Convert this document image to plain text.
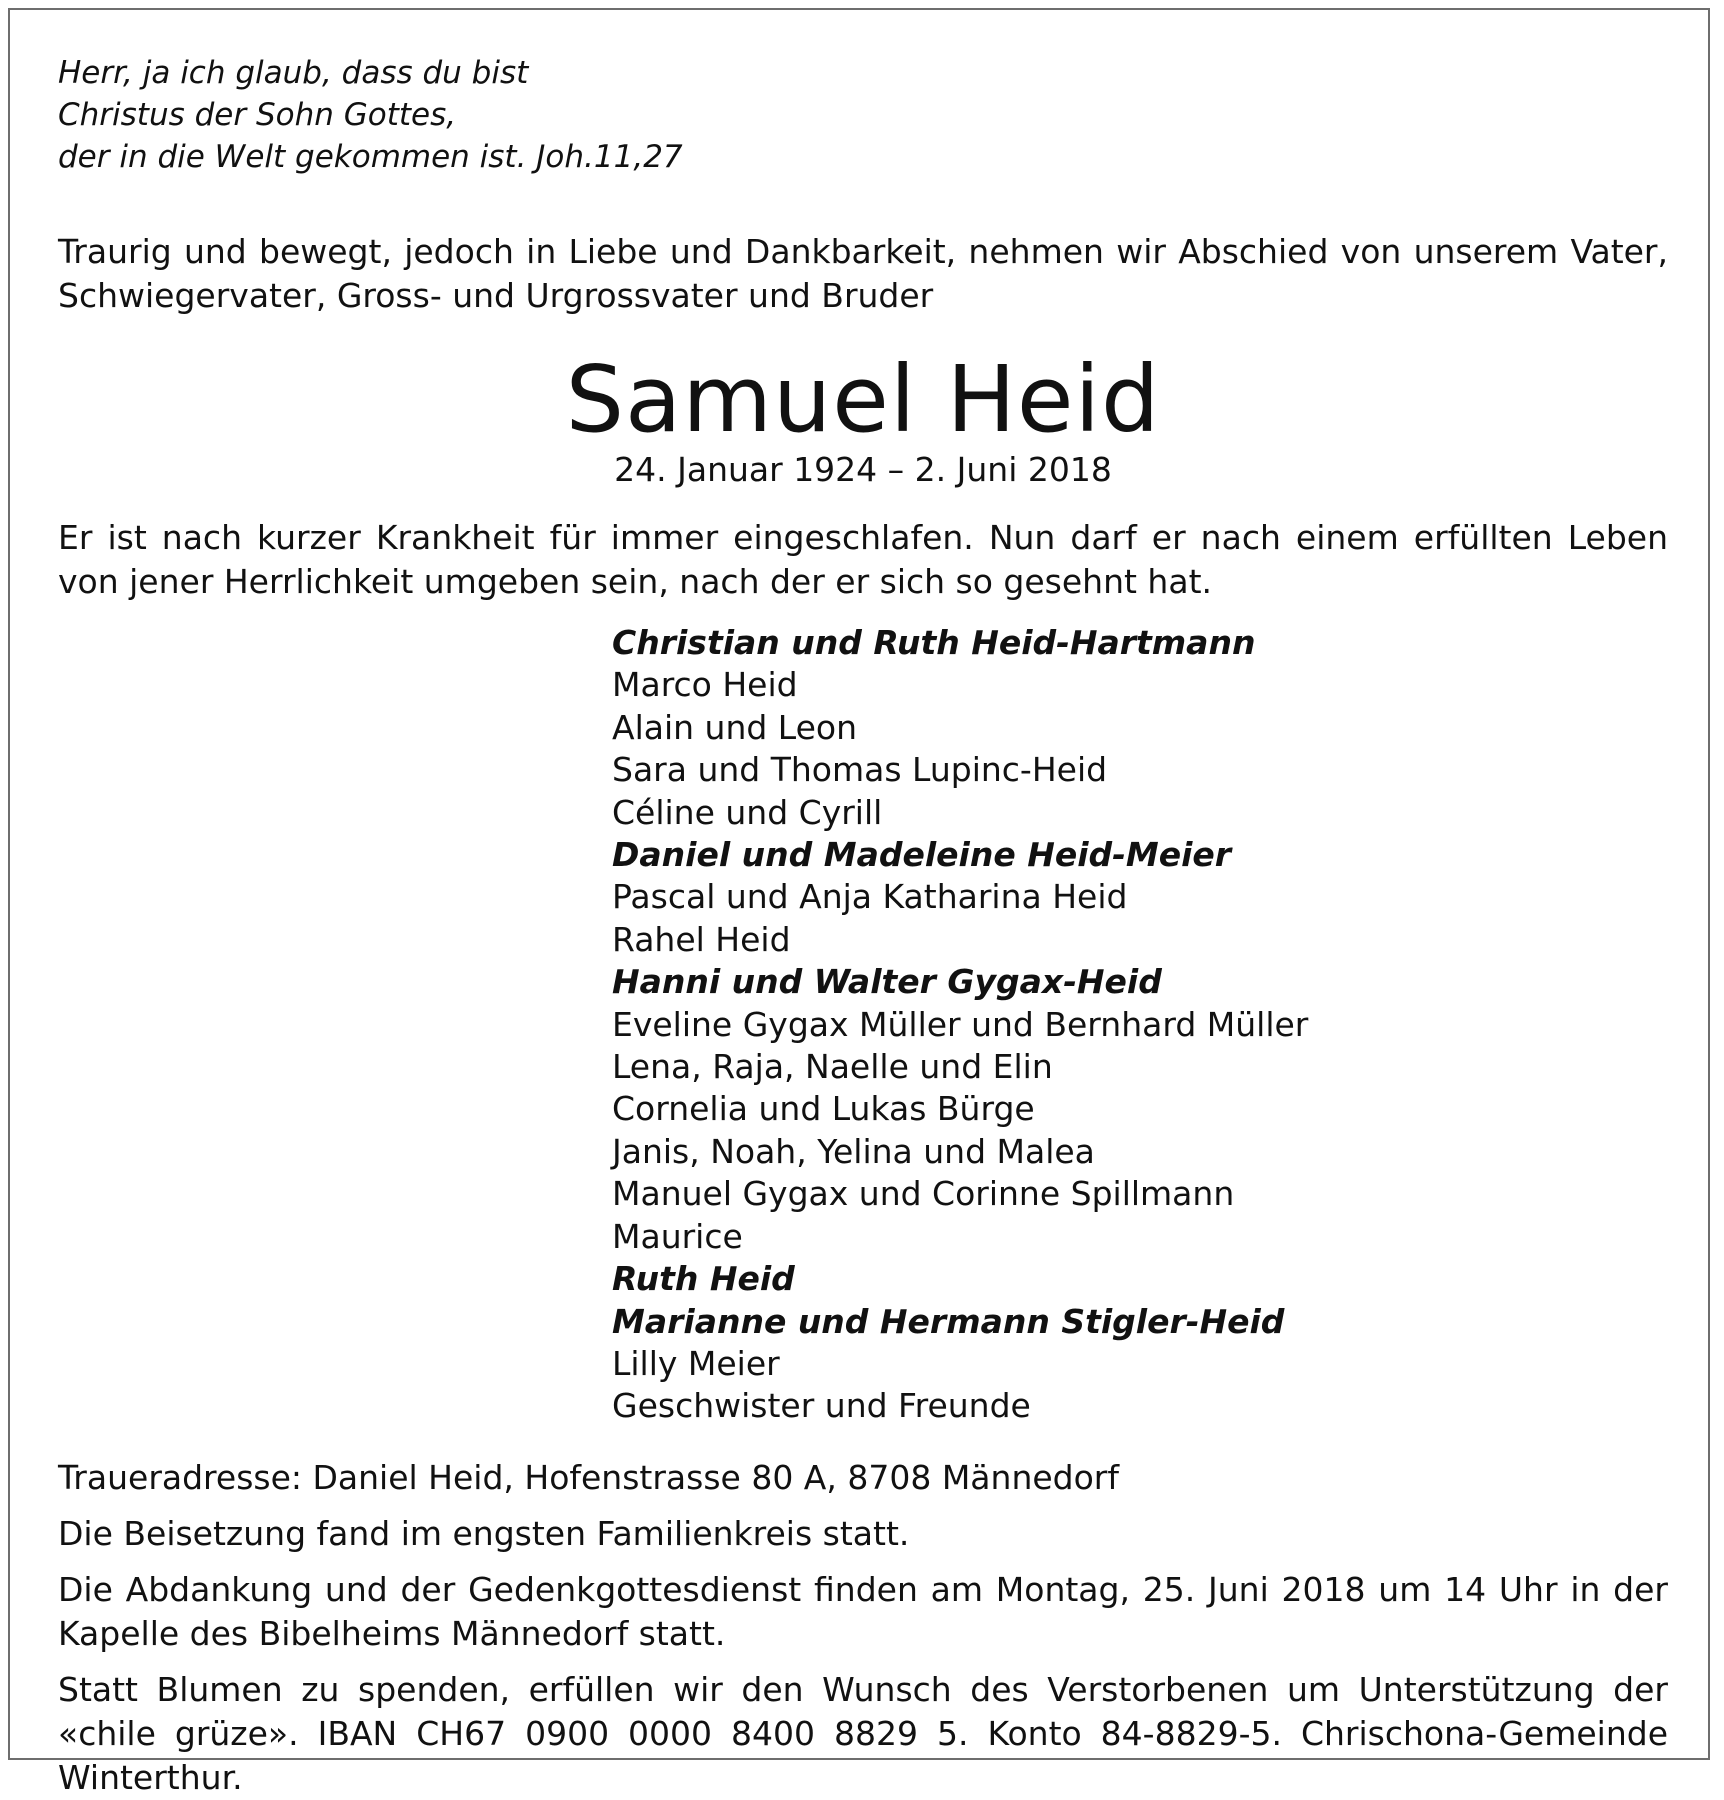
Herr, ja ich glaub, dass du bist
Christus der Sohn Gottes,
der in die Welt gekommen ist. Joh.11,27
Traurig und bewegt, jedoch in Liebe und Dankbarkeit, nehmen wir Abschied von unserem Vater, Schwiegervater, Gross- und Urgrossvater und Bruder
Samuel Heid
24. Januar 1924 – 2. Juni 2018
Er ist nach kurzer Krankheit für immer eingeschlafen. Nun darf er nach einem erfüllten Leben von jener Herrlichkeit umgeben sein, nach der er sich so gesehnt hat.
Christian und Ruth Heid-Hartmann
Marco Heid
Alain und Leon
Sara und Thomas Lupinc-Heid
Céline und Cyrill
Daniel und Madeleine Heid-Meier
Pascal und Anja Katharina Heid
Rahel Heid
Hanni und Walter Gygax-Heid
Eveline Gygax Müller und Bernhard Müller
Lena, Raja, Naelle und Elin
Cornelia und Lukas Bürge
Janis, Noah, Yelina und Malea
Manuel Gygax und Corinne Spillmann
Maurice
Ruth Heid
Marianne und Hermann Stigler-Heid
Lilly Meier
Geschwister und Freunde

Traueradresse: Daniel Heid, Hofenstrasse 80 A, 8708 Männedorf

Die Beisetzung fand im engsten Familienkreis statt.

Die Abdankung und der Gedenkgottesdienst finden am Montag, 25. Juni 2018 um 14 Uhr in der Kapelle des Bibelheims Männedorf statt.

Statt Blumen zu spenden, erfüllen wir den Wunsch des Verstorbenen um Unterstützung der «chile grüze». IBAN CH67 0900 0000 8400 8829 5. Konto 84-8829-5. Chrischona-Gemeinde Winterthur.
